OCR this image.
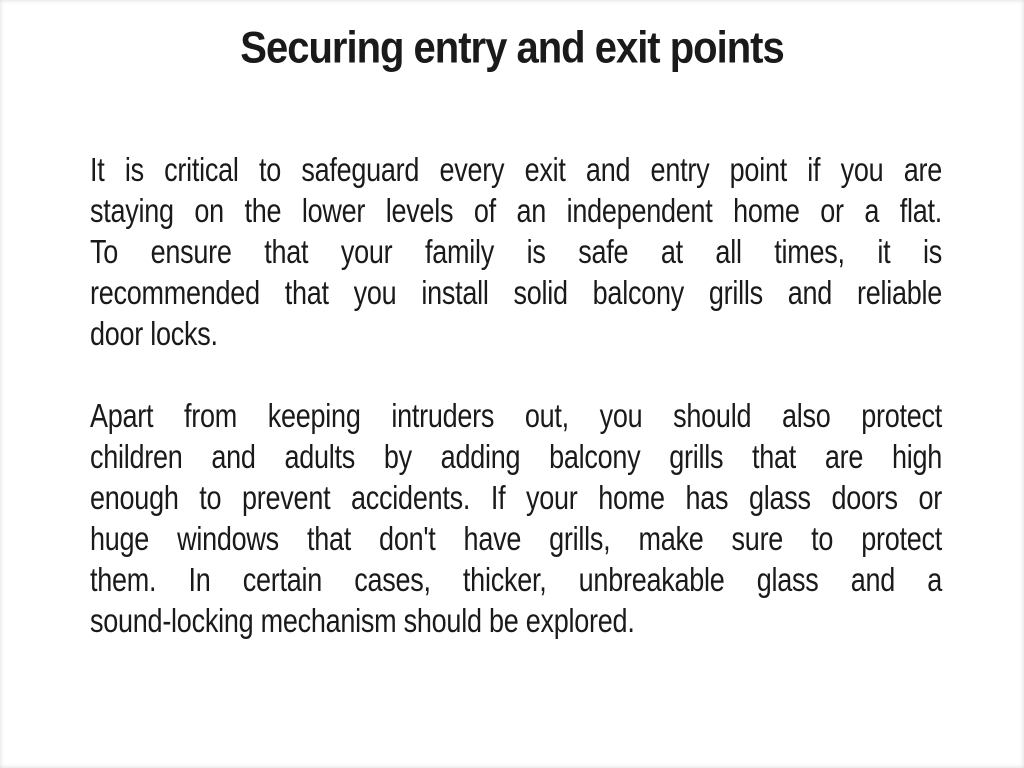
Securing entry and exit points
It is critical to safeguard every exit and entry point if you are
staying on the lower levels of an independent home or a flat.
To ensure that your family is safe at all times, it is
recommended that you install solid balcony grills and reliable
door locks.
Apart from keeping intruders out, you should also protect
children and adults by adding balcony grills that are high
enough to prevent accidents. If your home has glass doors or
huge windows that don't have grills, make sure to protect
them. In certain cases, thicker, unbreakable glass and a
sound-locking mechanism should be explored.
